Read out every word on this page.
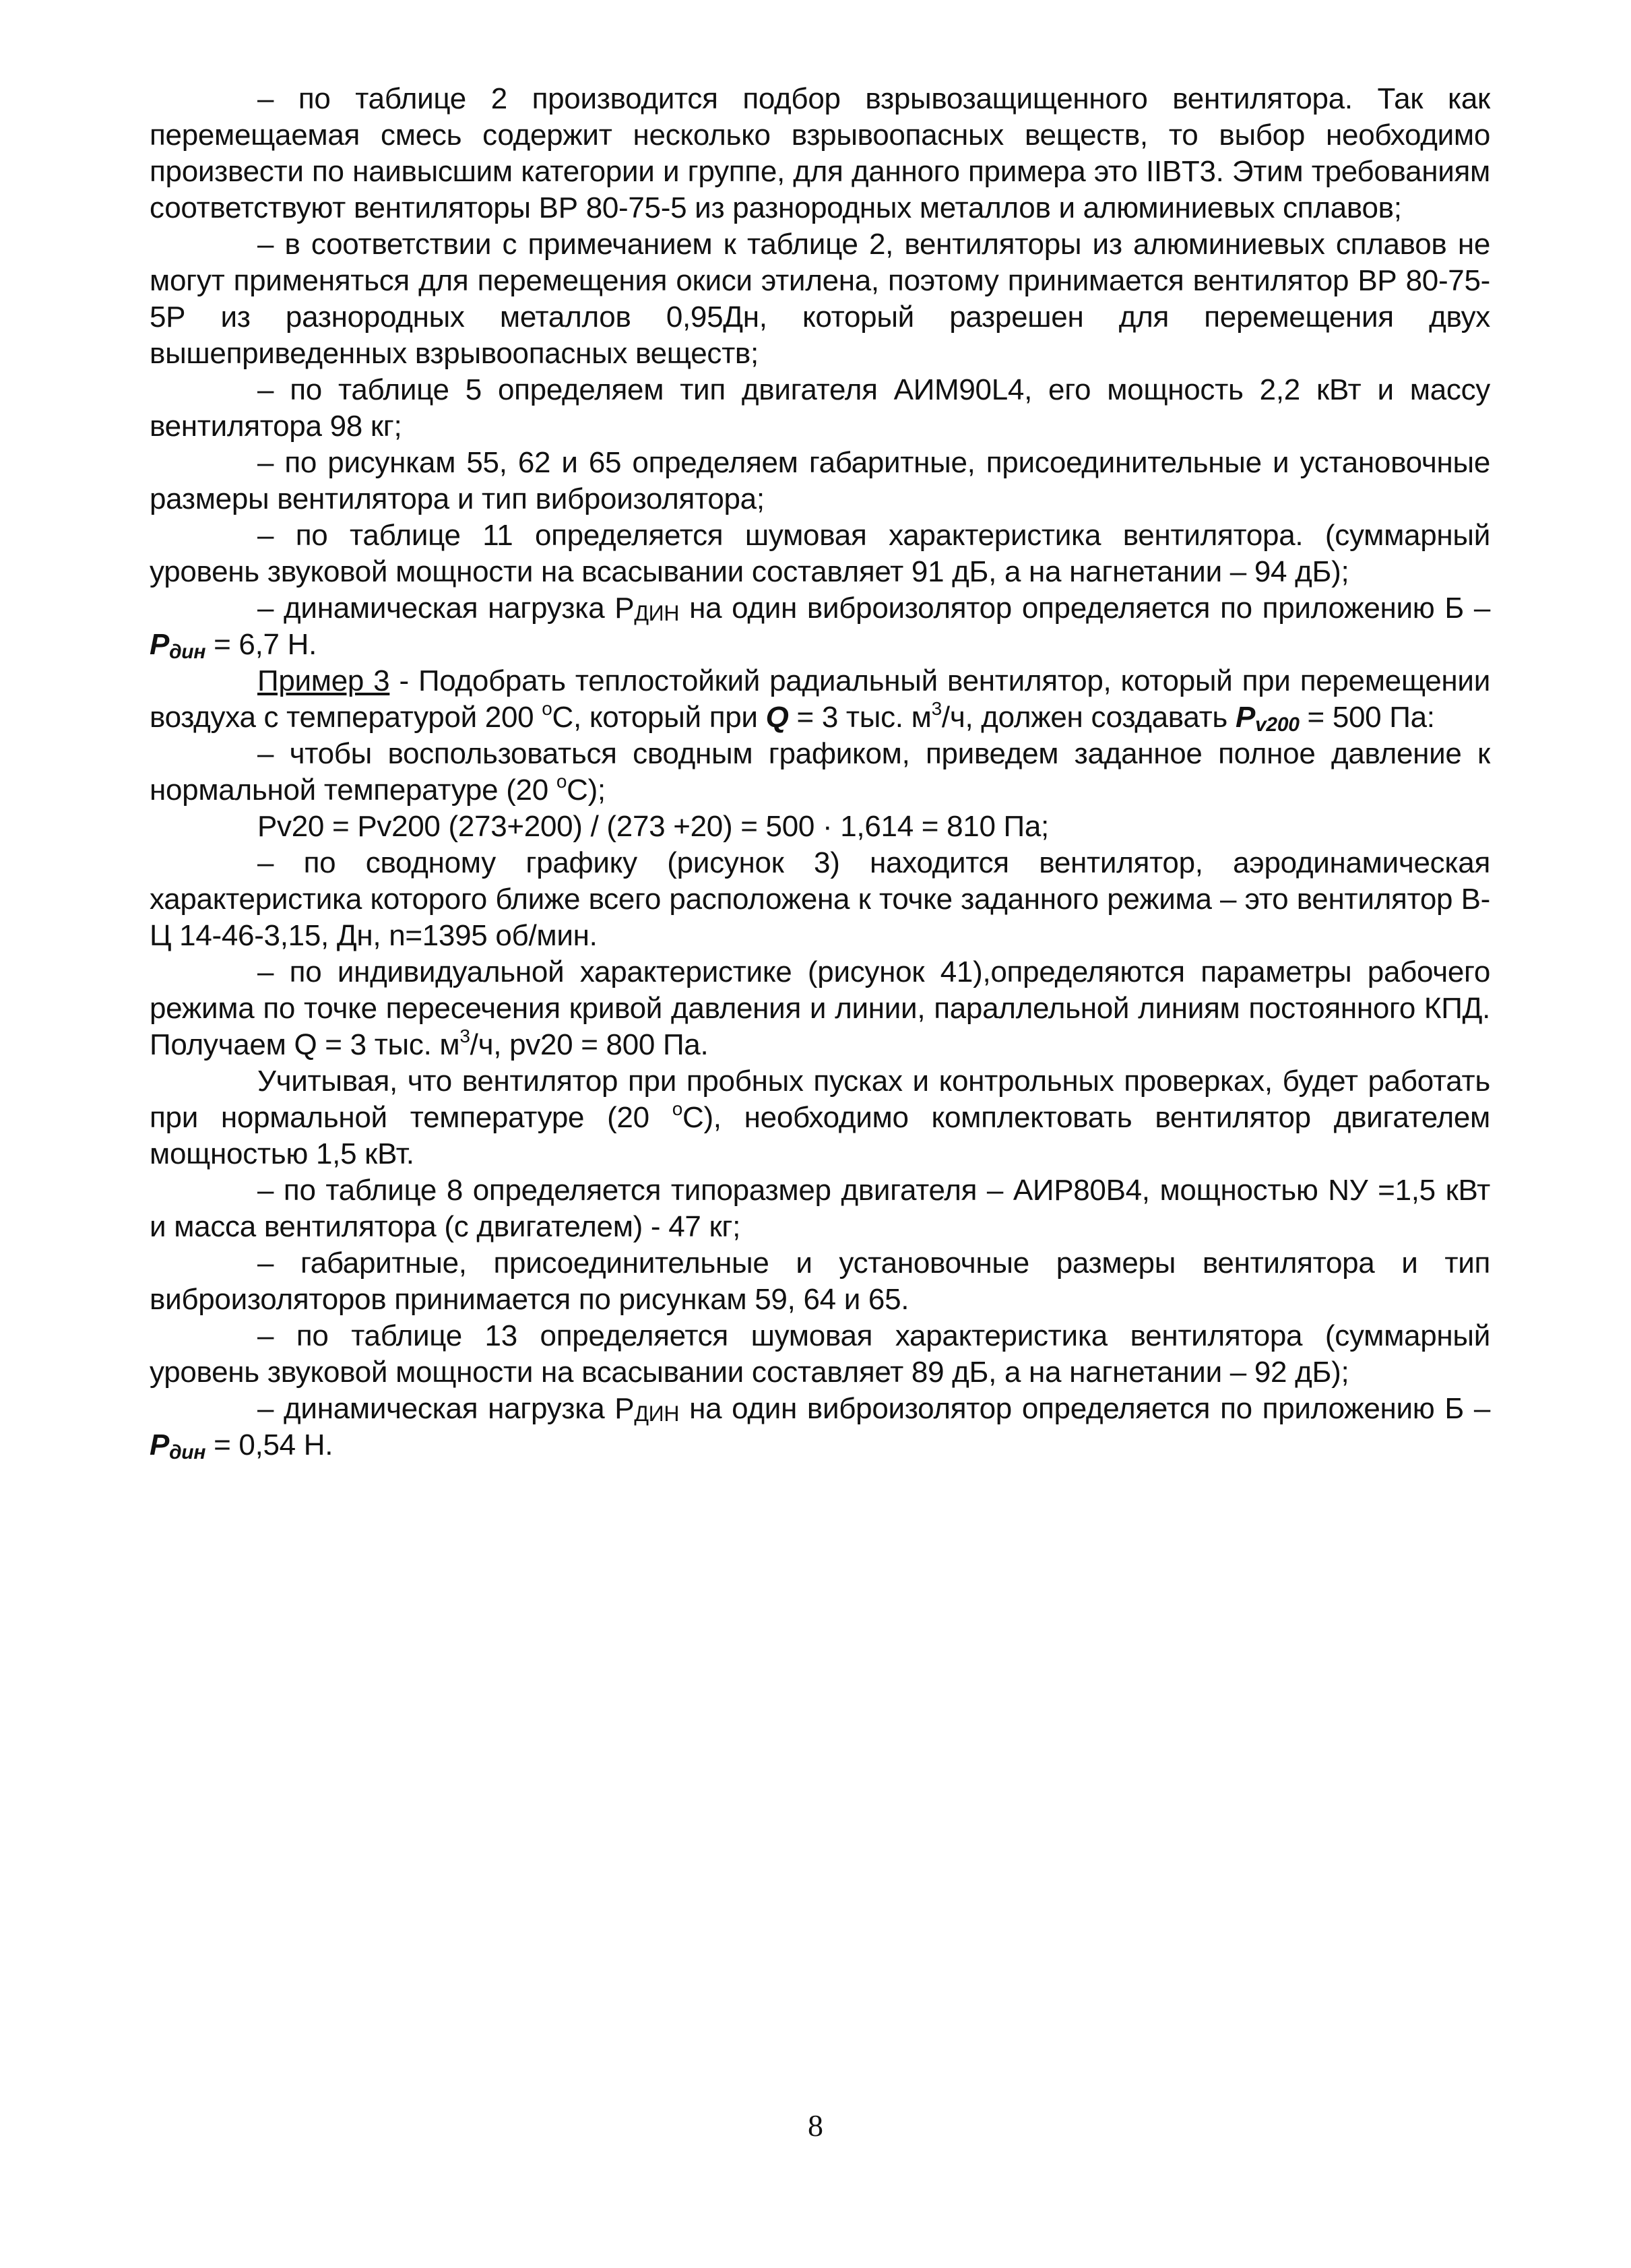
– по таблице 2 производится подбор взрывозащищенного вентилятора. Так как перемещаемая смесь содержит несколько взрывоопасных веществ, то выбор необходимо произвести по наивысшим категории и группе, для данного примера это IIBT3. Этим требованиям соответствуют вентиляторы ВР 80-75-5 из разнородных металлов и алюминиевых сплавов;

– в соответствии с примечанием к таблице 2, вентиляторы из алюминиевых сплавов не могут применяться для перемещения окиси этилена, поэтому принимается вентилятор ВР 80-75-5Р из разнородных металлов 0,95Дн, который разрешен для перемещения двух вышеприведенных взрывоопасных веществ;

– по таблице 5 определяем тип двигателя АИМ90L4, его мощность 2,2 кВт и массу вентилятора 98 кг;

– по рисункам 55, 62 и 65 определяем габаритные, присоединительные и установочные размеры вентилятора и тип виброизолятора;

– по таблице 11 определяется шумовая характеристика вентилятора. (суммарный уровень звуковой мощности на всасывании составляет 91 дБ, а на нагнетании – 94 дБ);

– динамическая нагрузка РДИН на один виброизолятор определяется по приложению $Б - Р_{дин} = 6,7$ Н.

Пример 3 - Подобрать теплостойкий радиальный вентилятор, который при перемещении воздуха с температурой 200 $^о$С, который при Q = 3 тыс. $м^3/ч$, должен создавать $P_{v200} = 500$ Па:

– чтобы воспользоваться сводным графиком, приведем заданное полное давление к нормальной температуре (20 $^о$С);

Pv20 = Pv200 (273+200) / (273 +20) = 500 · 1,614 = 810 Па;

– по сводному графику (рисунок 3) находится вентилятор, аэродинамическая характеристика которого ближе всего расположена к точке заданного режима – это вентилятор В-Ц 14-46-3,15, Дн, n=1395 об/мин.

– по индивидуальной характеристике (рисунок 41),определяются параметры рабочего режима по точке пересечения кривой давления и линии, параллельной линиям постоянного КПД. Получаем Q = 3 тыс. $м^3/ч$, pv20 = 800 Па.

Учитывая, что вентилятор при пробных пусках и контрольных проверках, будет работать при нормальной температуре (20 $^о$С), необходимо комплектовать вентилятор двигателем мощностью 1,5 кВт.

– по таблице 8 определяется типоразмер двигателя – АИР80В4, мощностью NУ =1,5 кВт и масса вентилятора (с двигателем) - 47 кг;

– габаритные, присоединительные и установочные размеры вентилятора и тип виброизоляторов принимается по рисункам 59, 64 и 65.

– по таблице 13 определяется шумовая характеристика вентилятора (суммарный уровень звуковой мощности на всасывании составляет 89 дБ, а на нагнетании – 92 дБ);

– динамическая нагрузка РДИН на один виброизолятор определяется по приложению $Б - Р_{дин} = 0,54$ Н.

8
